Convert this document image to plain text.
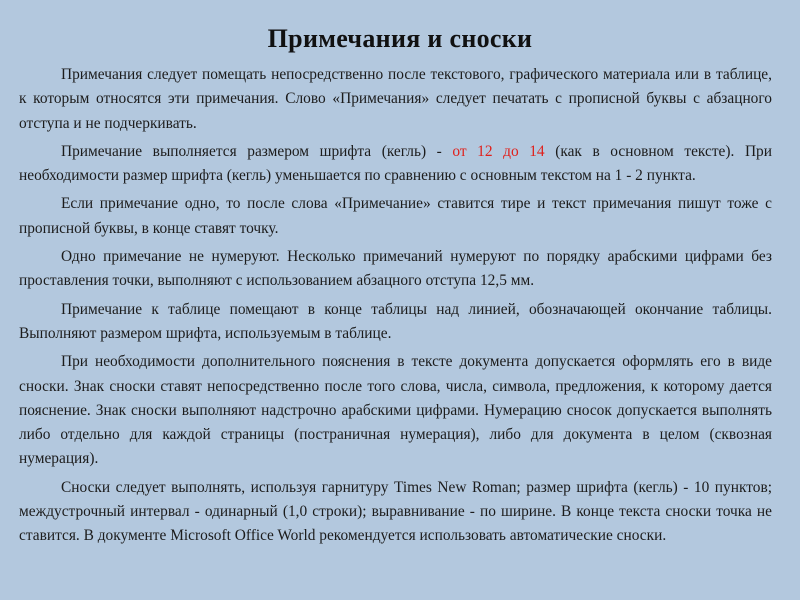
Примечания и сноски

Примечания следует помещать непосредственно после текстового, графического материала или в таблице, к которым относятся эти примечания. Слово «Примечания» следует печатать с прописной буквы с абзацного отступа и не подчеркивать.

Примечание выполняется размером шрифта (кегль) - от 12 до 14 (как в основном тексте). При необходимости размер шрифта (кегль) уменьшается по сравнению с основным текстом на 1 - 2 пункта.

Если примечание одно, то после слова «Примечание» ставится тире и текст примечания пишут тоже с прописной буквы, в конце ставят точку.

Одно примечание не нумеруют. Несколько примечаний нумеруют по порядку арабскими цифрами без проставления точки, выполняют с использованием абзацного отступа 12,5 мм.

Примечание к таблице помещают в конце таблицы над линией, обозначающей окончание таблицы. Выполняют размером шрифта, используемым в таблице.

При необходимости дополнительного пояснения в тексте документа допускается оформлять его в виде сноски. Знак сноски ставят непосредственно после того слова, числа, символа, предложения, к которому дается пояснение. Знак сноски выполняют надстрочно арабскими цифрами. Нумерацию сносок допускается выполнять либо отдельно для каждой страницы (постраничная нумерация), либо для документа в целом (сквозная нумерация).

Сноски следует выполнять, используя гарнитуру Times New Roman; размер шрифта (кегль) - 10 пунктов; междустрочный интервал - одинарный (1,0 строки); выравнивание - по ширине. В конце текста сноски точка не ставится. В документе Microsoft Office World рекомендуется использовать автоматические сноски.
